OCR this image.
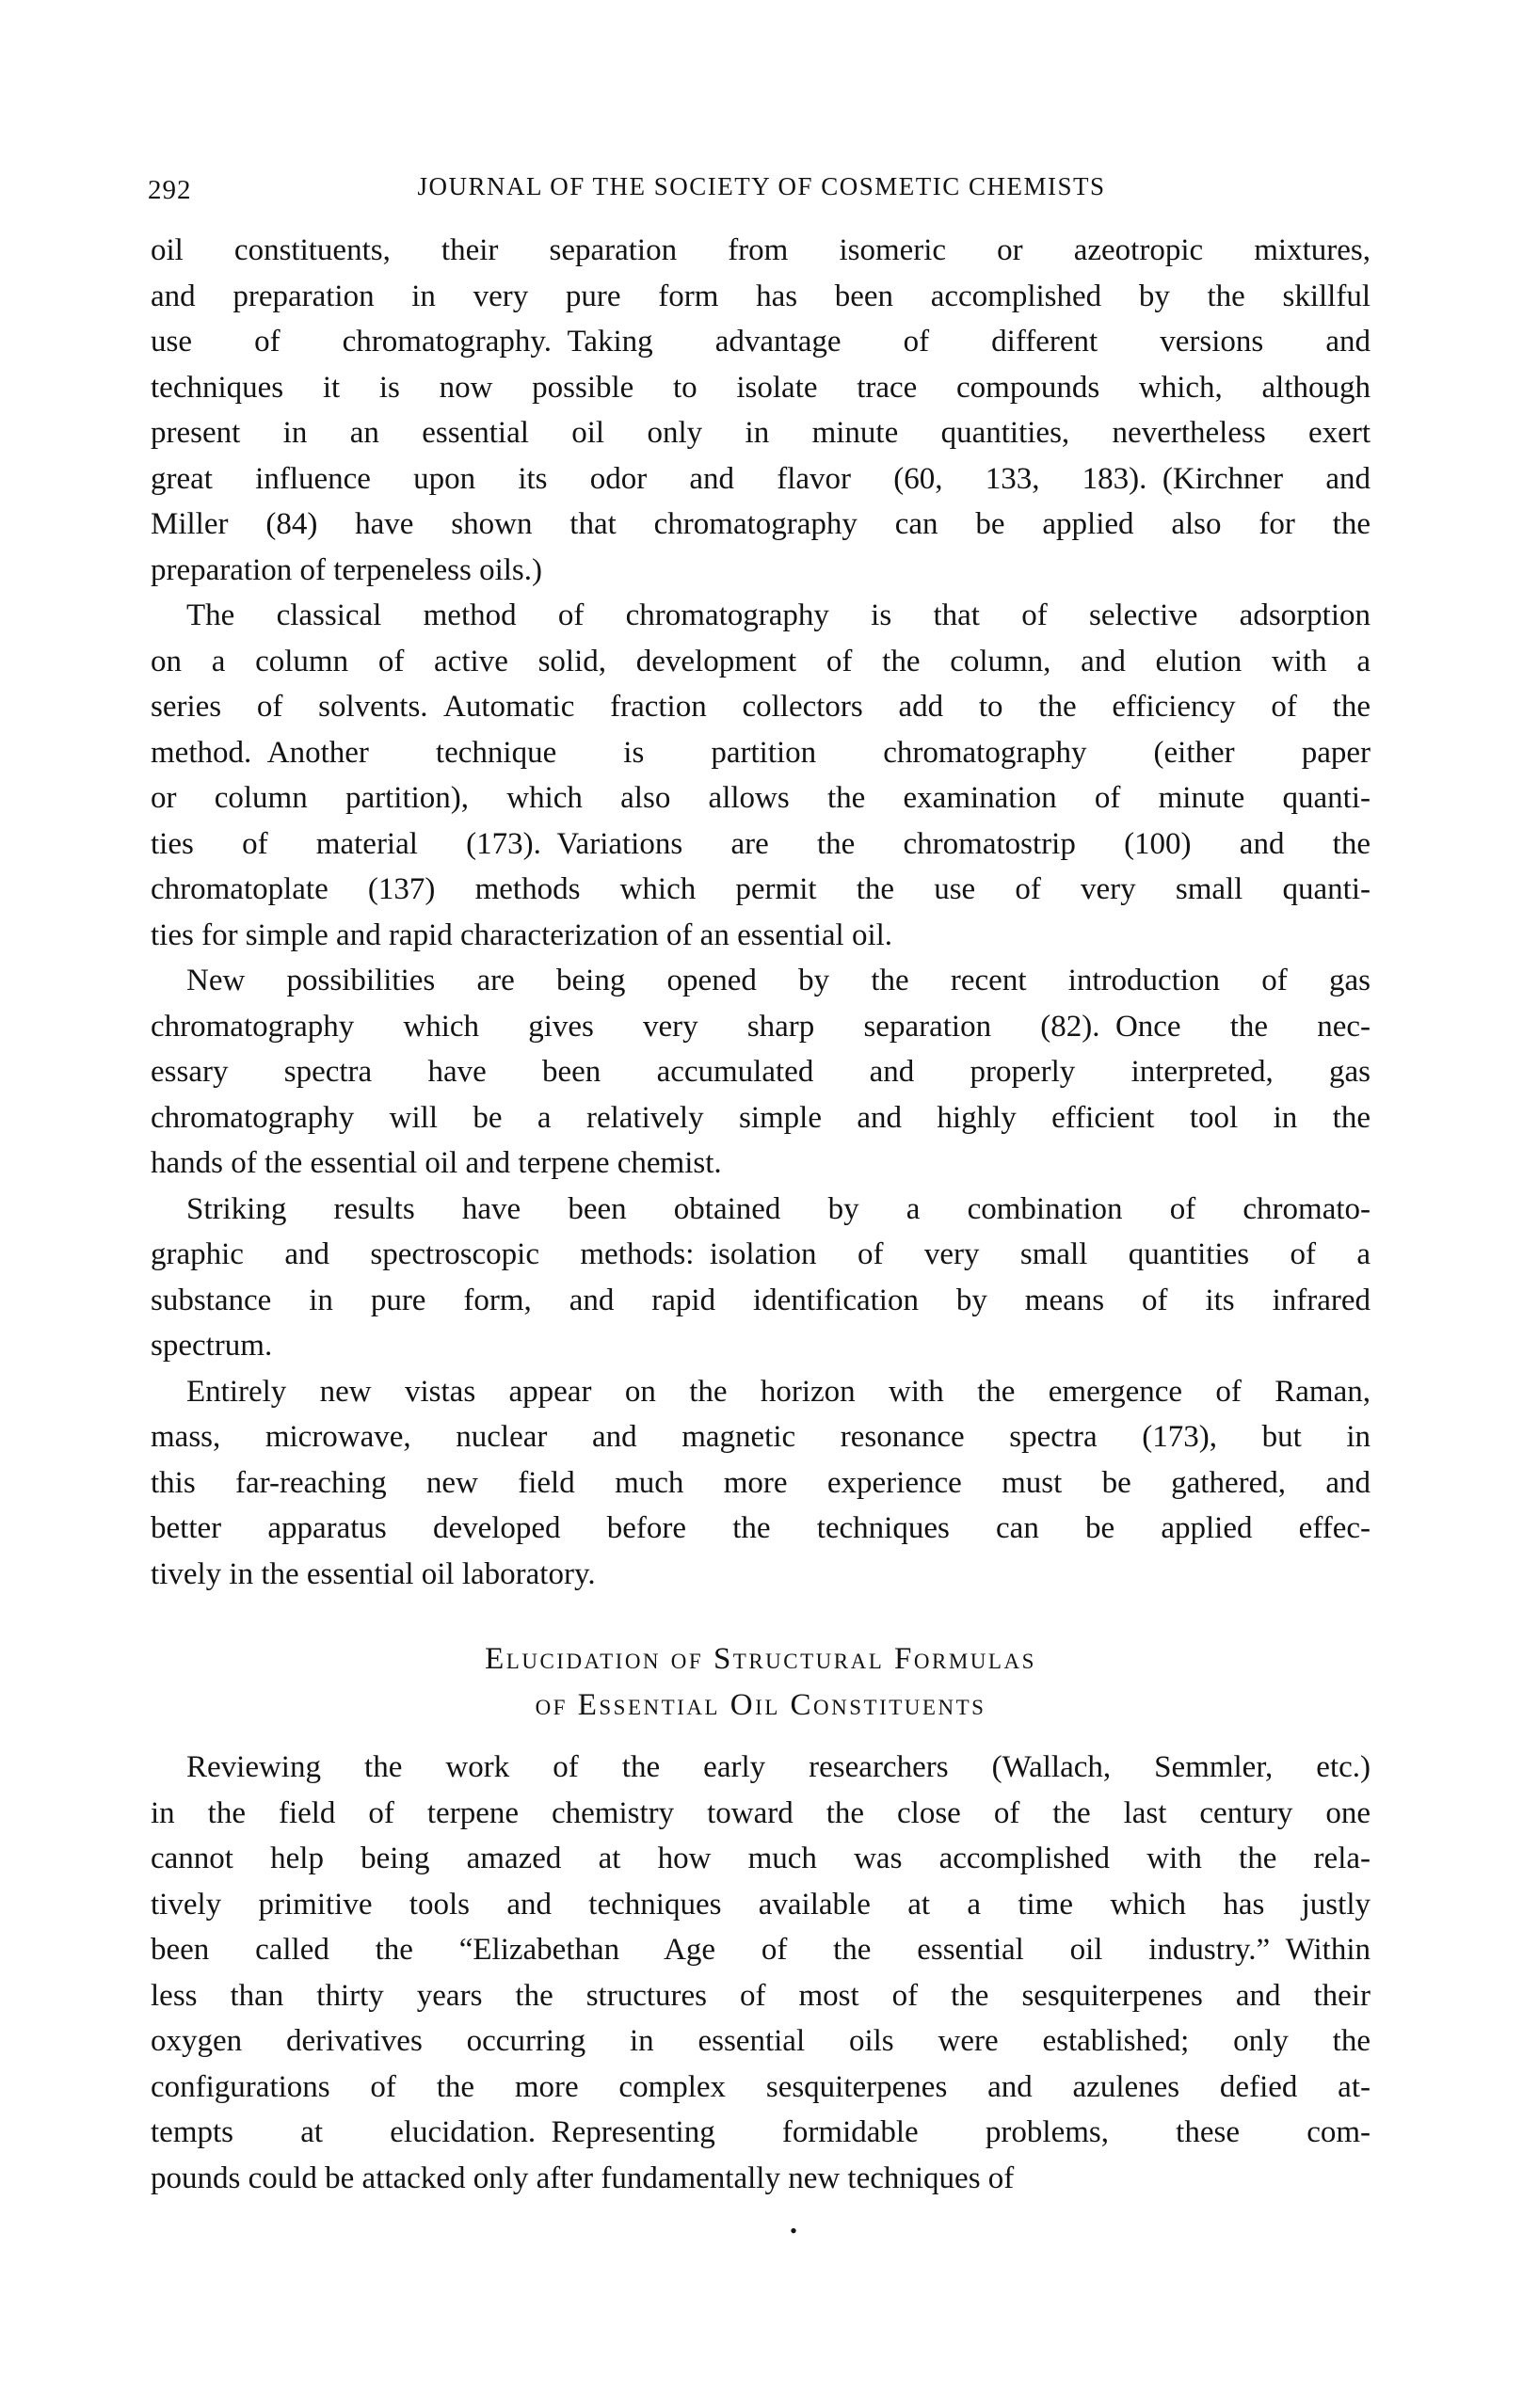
292	JOURNAL OF THE SOCIETY OF COSMETIC CHEMISTS
oil constituents, their separation from isomeric or azeotropic mixtures,
and preparation in very pure form has been accomplished by the skillful
use of chromatography. Taking advantage of different versions and
techniques it is now possible to isolate trace compounds which, although
present in an essential oil only in minute quantities, nevertheless exert
great influence upon its odor and flavor (60, 133, 183). (Kirchner and
Miller (84) have shown that chromatography can be applied also for the
preparation of terpeneless oils.)
The classical method of chromatography is that of selective adsorption
on a column of active solid, development of the column, and elution with a
series of solvents. Automatic fraction collectors add to the efficiency of the
method. Another technique is partition chromatography (either paper
or column partition), which also allows the examination of minute quanti-
ties of material (173). Variations are the chromatostrip (100) and the
chromatoplate (137) methods which permit the use of very small quanti-
ties for simple and rapid characterization of an essential oil.
New possibilities are being opened by the recent introduction of gas
chromatography which gives very sharp separation (82). Once the nec-
essary spectra have been accumulated and properly interpreted, gas
chromatography will be a relatively simple and highly efficient tool in the
hands of the essential oil and terpene chemist.
Striking results have been obtained by a combination of chromato-
graphic and spectroscopic methods: isolation of very small quantities of a
substance in pure form, and rapid identification by means of its infrared
spectrum.
Entirely new vistas appear on the horizon with the emergence of Raman,
mass, microwave, nuclear and magnetic resonance spectra (173), but in
this far-reaching new field much more experience must be gathered, and
better apparatus developed before the techniques can be applied effec-
tively in the essential oil laboratory.
Elucidation of Structural Formulas
of Essential Oil Constituents
Reviewing the work of the early researchers (Wallach, Semmler, etc.)
in the field of terpene chemistry toward the close of the last century one
cannot help being amazed at how much was accomplished with the rela-
tively primitive tools and techniques available at a time which has justly
been called the “Elizabethan Age of the essential oil industry.” Within
less than thirty years the structures of most of the sesquiterpenes and their
oxygen derivatives occurring in essential oils were established; only the
configurations of the more complex sesquiterpenes and azulenes defied at-
tempts at elucidation. Representing formidable problems, these com-
pounds could be attacked only after fundamentally new techniques of
.
